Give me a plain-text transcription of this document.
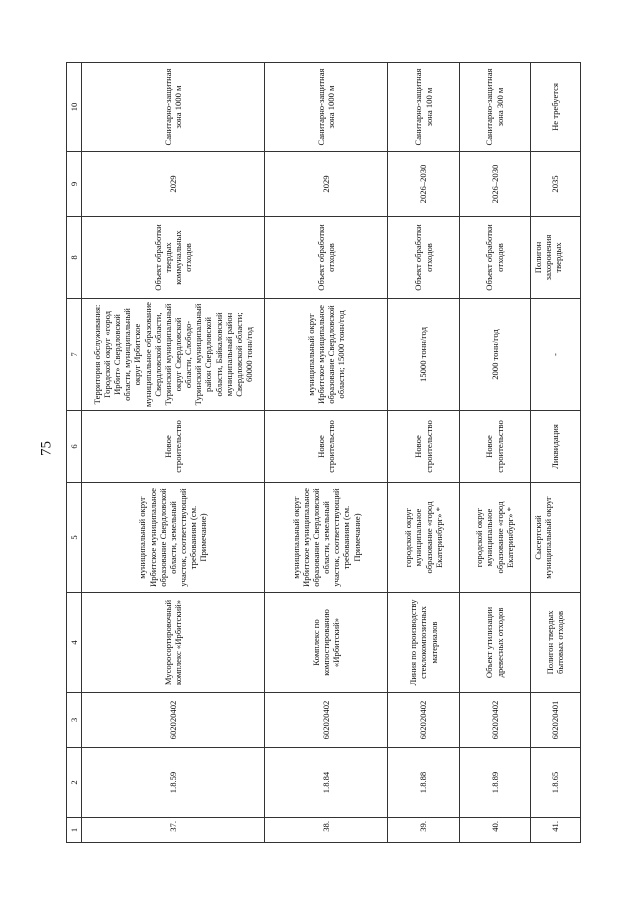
75
1	2	3	4	5	6	7	8	9	10
37.	1.8.59	602020402	Мусоросортировочный комплекс «Ирбитский»	муниципальный округ Ирбитское муниципальное образование Свердловской области, земельный участок, соответствующий требованиям (см. Примечание)	Новое строительство	Территория обслуживания: Городской округ «город Ирбит» Свердловской области, муниципальный округ Ирбитское муниципальное образование Свердловской области, Туринский муниципальный округ Свердловской области, Слободо-Туринский муниципальный район Свердловской области, Байкаловский муниципальный район Свердловской области; 60000 тонн/год	Объект обработки твердых коммунальных отходов	2029	Санитарно-защитная зона 1000 м
38.	1.8.84	602020402	Комплекс по компостированию «Ирбитский»	муниципальный округ Ирбитское муниципальное образование Свердловской области, земельный участок, соответствующий требованиям (см. Примечание)	Новое строительство	муниципальный округ Ирбитское муниципальное образование Свердловской области; 15000 тонн/год	Объект обработки отходов	2029	Санитарно-защитная зона 1000 м
39.	1.8.88	602020402	Линия по производству стеклокомпозитных материалов	городской округ муниципальное образование «город Екатеринбург» *	Новое строительство	15000 тонн/год	Объект обработки отходов	2026–2030	Санитарно-защитная зона 100 м
40.	1.8.89	602020402	Объект утилизации древесных отходов	городской округ муниципальное образование «город Екатеринбург» *	Новое строительство	2000 тонн/год	Объект обработки отходов	2026–2030	Санитарно-защитная зона 300 м
41.	1.8.65	602020401	Полигон твердых бытовых отходов	Сысертский муниципальный округ	Ликвидация	-	Полигон захоронения твердых	2035	Не требуется
